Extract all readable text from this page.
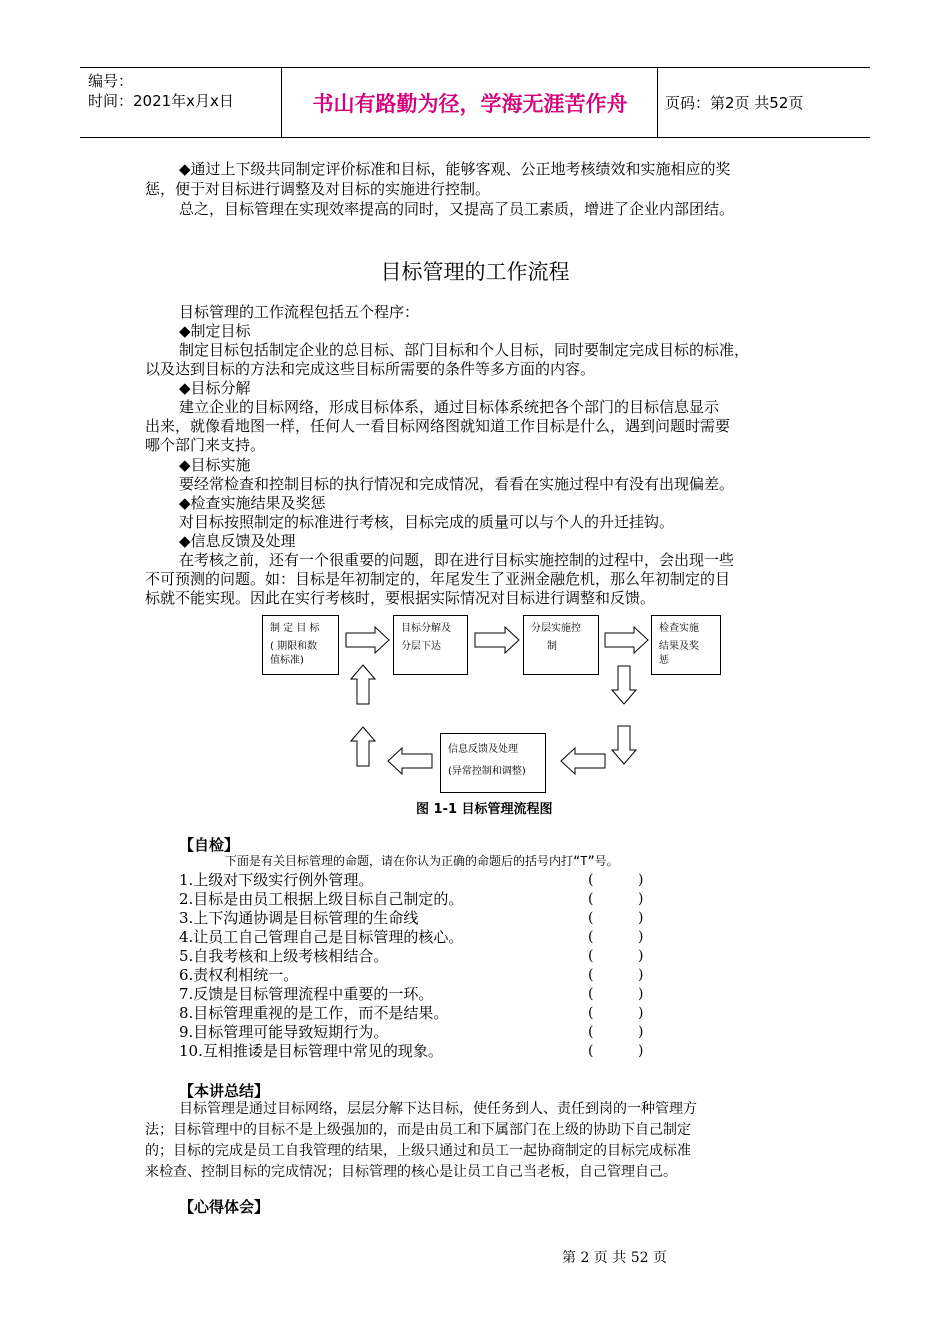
编号：
时间：2021年x月x日	书山有路勤为径，学海无涯苦作舟	页码：第2页 共52页
◆通过上下级共同制定评价标准和目标，能够客观、公正地考核绩效和实施相应的奖
惩，便于对目标进行调整及对目标的实施进行控制。
总之，目标管理在实现效率提高的同时，又提高了员工素质，增进了企业内部团结。
目标管理的工作流程
目标管理的工作流程包括五个程序：
◆制定目标
制定目标包括制定企业的总目标、部门目标和个人目标，同时要制定完成目标的标准，
以及达到目标的方法和完成这些目标所需要的条件等多方面的内容。
◆目标分解
建立企业的目标网络，形成目标体系，通过目标体系统把各个部门的目标信息显示
出来，就像看地图一样，任何人一看目标网络图就知道工作目标是什么，遇到问题时需要
哪个部门来支持。
◆目标实施
要经常检查和控制目标的执行情况和完成情况，看看在实施过程中有没有出现偏差。
◆检查实施结果及奖惩
对目标按照制定的标准进行考核，目标完成的质量可以与个人的升迁挂钩。
◆信息反馈及处理
在考核之前，还有一个很重要的问题，即在进行目标实施控制的过程中，会出现一些
不可预测的问题。如：目标是年初制定的，年尾发生了亚洲金融危机，那么年初制定的目
标就不能实现。因此在实行考核时，要根据实际情况对目标进行调整和反馈。
制 定 目 标
( 期限和数
值标准)
目标分解及
分层下达
分层实施控
制
检查实施
结果及奖
惩
信息反馈及处理
(异常控制和调整)
图 1-1 目标管理流程图
【自检】
下面是有关目标管理的命题，请在你认为正确的命题后的括号内打“T”号。
1.上级对下级实行例外管理。	(          )
2.目标是由员工根据上级目标自己制定的。	(          )
3.上下沟通协调是目标管理的生命线	(          )
4.让员工自己管理自己是目标管理的核心。	(          )
5.自我考核和上级考核相结合。	(          )
6.责权利相统一。	(          )
7.反馈是目标管理流程中重要的一环。	(          )
8.目标管理重视的是工作，而不是结果。	(          )
9.目标管理可能导致短期行为。	(          )
10.互相推诿是目标管理中常见的现象。	(          )
【本讲总结】
目标管理是通过目标网络，层层分解下达目标，使任务到人、责任到岗的一种管理方
法；目标管理中的目标不是上级强加的，而是由员工和下属部门在上级的协助下自己制定
的；目标的完成是员工自我管理的结果，上级只通过和员工一起协商制定的目标完成标准
来检查、控制目标的完成情况；目标管理的核心是让员工自己当老板，自己管理自己。
【心得体会】
第 2 页 共 52 页
